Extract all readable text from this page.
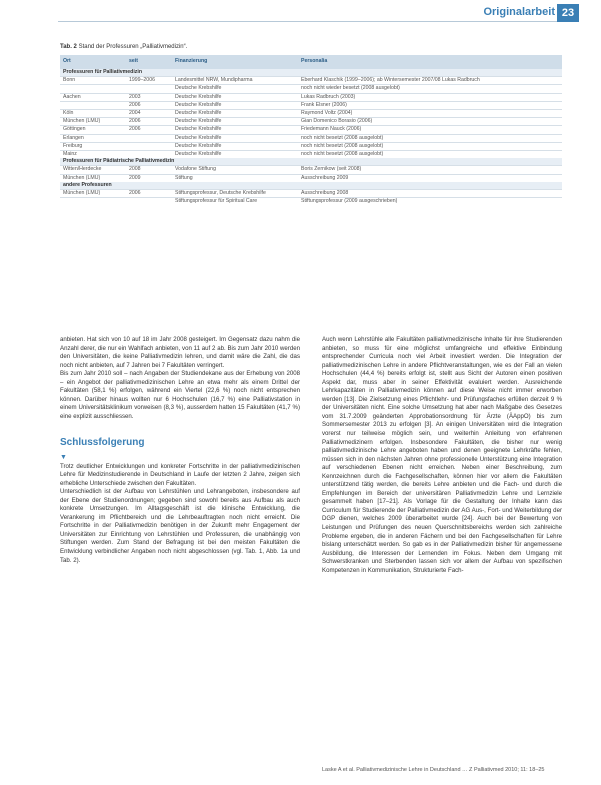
Originalarbeit 23
Tab. 2 Stand der Professuren „Palliativmedizin“.
Ort	seit	Finanzierung	Personalia
Professuren für Palliativmedizin			
Bonn	1999–2006	Landesmittel NRW, Mundipharma	Eberhard Klaschik (1999–2006); ab Wintersemester 2007/08 Lukas Radbruch
		Deutsche Krebshilfe	noch nicht wieder besetzt (2008 ausgelobt)
Aachen	2003	Deutsche Krebshilfe	Lukas Radbruch (2003)
	2006	Deutsche Krebshilfe	Frank Elsner (2006)
Köln	2004	Deutsche Krebshilfe	Raymond Voltz (2004)
München (LMU)	2006	Deutsche Krebshilfe	Gian Domenico Borasio (2006)
Göttingen	2006	Deutsche Krebshilfe	Friedemann Nauck (2006)
Erlangen		Deutsche Krebshilfe	noch nicht besetzt (2008 ausgelobt)
Freiburg		Deutsche Krebshilfe	noch nicht besetzt (2008 ausgelobt)
Mainz		Deutsche Krebshilfe	noch nicht besetzt (2008 ausgelobt)
Professuren für Pädiatrische Palliativmedizin			
Witten/Herdecke	2008	Vodafone Stiftung	Boris Zernikow (seit 2008)
München (LMU)	2009	Stiftung	Ausschreibung 2009
andere Professuren			
München (LMU)	2006	Stiftungsprofessur, Deutsche Krebshilfe	Ausschreibung 2008
		Stiftungsprofessur für Spiritual Care	Stiftungsprofessur (2009 ausgeschrieben)

anbieten. Hat sich von 10 auf 18 im Jahr 2008 gesteigert. Im Gegensatz dazu nahm die Anzahl derer, die nur ein Wahlfach anbieten, von 11 auf 2 ab. Bis zum Jahr 2010 werden den Universitäten, die keine Palliativmedizin lehren, und damit wäre die Zahl, die das noch nicht anbieten, auf 7 Jahren bei 7 Fakultäten verringert.

Bis zum Jahr 2010 soll – nach Angaben der Studiendekane aus der Erhebung von 2008 – ein Angebot der palliativmedizinischen Lehre an etwa mehr als einem Drittel der Fakultäten (58,1 %) erfolgen, während ein Viertel (22,6 %) noch nicht entsprechen können. Darüber hinaus wollten nur 6 Hochschulen (16,7 %) eine Palliativstation in einem Universitätsklinikum vorweisen (8,3 %), ausserdem hatten 15 Fakultäten (41,7 %) eine explizit ausschliessen.

Schlussfolgerung
▼

Trotz deutlicher Entwicklungen und konkreter Fortschritte in der palliativmedizinischen Lehre für Medizinstudierende in Deutschland in Laufe der letzten 2 Jahre, zeigen sich erhebliche Unterschiede zwischen den Fakultäten.

Unterschiedlich ist der Aufbau von Lehrstühlen und Lehrangeboten, insbesondere auf der Ebene der Studienordnungen; gegeben sind sowohl bereits aus Aufbau als auch konkrete Umsetzungen. Im Alltagsgeschäft ist die klinische Entwicklung, die Verankerung im Pflichtbereich und die Lehrbeauftragten noch nicht erreicht. Die Fortschritte in der Palliativmedizin benötigen in der Zukunft mehr Engagement der Universitäten zur Einrichtung von Lehrstühlen und Professuren, die unabhängig von Stiftungen werden. Zum Stand der Befragung ist bei den meisten Fakultäten die Entwicklung verbindlicher Angaben noch nicht abgeschlossen (vgl. Tab. 1, Abb. 1a und Tab. 2).

Auch wenn Lehrstühle alle Fakultäten palliativmedizinische Inhalte für ihre Studierenden anbieten, so muss für eine möglichst umfangreiche und effektive Einbindung entsprechender Curricula noch viel Arbeit investiert werden. Die Integration der palliativmedizinischen Lehre in andere Pflichtveranstaltungen, wie es der Fall an vielen Hochschulen (44,4 %) bereits erfolgt ist, stellt aus Sicht der Autoren einen positiven Aspekt dar, muss aber in seiner Effektivität evaluiert werden. Ausreichende Lehrkapazitäten in Palliativmedizin können auf diese Weise nicht immer erworben werden [13]. Die Zielsetzung eines Pflichtlehr- und Prüfungsfaches erfüllen derzeit 9 % der Universitäten nicht. Eine solche Umsetzung hat aber nach Maßgabe des Gesetzes vom 31.7.2009 geänderten Approbationsordnung für Ärzte (ÄAppO) bis zum Sommersemester 2013 zu erfolgen [3]. An einigen Universitäten wird die Integration vorerst nur teilweise möglich sein, und weiterhin Anleitung von erfahrenen Palliativmedizinern erfolgen. Insbesondere Fakultäten, die bisher nur wenig palliativmedizinische Lehre angeboten haben und denen geeignete Lehrkräfte fehlen, müssen sich in den nächsten Jahren ohne professionelle Unterstützung eine Integration auf verschiedenen Ebenen nicht erreichen. Neben einer Beschreibung, zum Kennzeichnen durch die Fachgesellschaften, können hier vor allem die Fakultäten unterstützend tätig werden, die bereits Lehre anbieten und die Fach- und durch die Empfehlungen im Bereich der universitären Palliativmedizin Lehre und Lernziele gesammelt haben [17–21]. Als Vorlage für die Gestaltung der Inhalte kann das Curriculum für Studierende der Palliativmedizin der AG Aus-, Fort- und Weiterbildung der DGP dienen, welches 2009 überarbeitet wurde [24]. Auch bei der Bewertung von Leistungen und Prüfungen des neuen Querschnittsbereichs werden sich zahlreiche Probleme ergeben, die in anderen Fächern und bei den Fachgesellschaften für Lehre bislang unterschätzt werden. So gab es in der Palliativmedizin bisher für angemessene Ausbildung, die Interessen der Lernenden im Fokus. Neben dem Umgang mit Schwerstkranken und Sterbenden lassen sich vor allem der Aufbau von spezifischen Kompetenzen in Kommunikation, Strukturierte Fach-

Laske A et al. Palliativmedizinische Lehre in Deutschland … Z Palliativmed 2010; 11: 18–25
